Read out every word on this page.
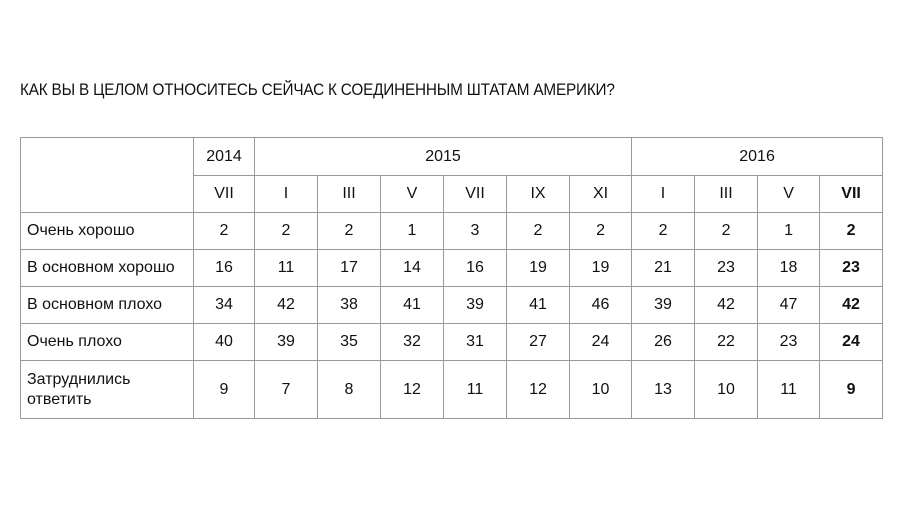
КАК ВЫ В ЦЕЛОМ ОТНОСИТЕСЬ СЕЙЧАС К СОЕДИНЕННЫМ ШТАТАМ АМЕРИКИ?
	2014	2015						2016			
	VII	I	III	V	VII	IX	XI	I	III	V	VII
Очень хорошо	2	2	2	1	3	2	2	2	2	1	2
В основном хорошо	16	11	17	14	16	19	19	21	23	18	23
В основном плохо	34	42	38	41	39	41	46	39	42	47	42
Очень плохо	40	39	35	32	31	27	24	26	22	23	24
Затруднились
ответить	9	7	8	12	11	12	10	13	10	11	9
